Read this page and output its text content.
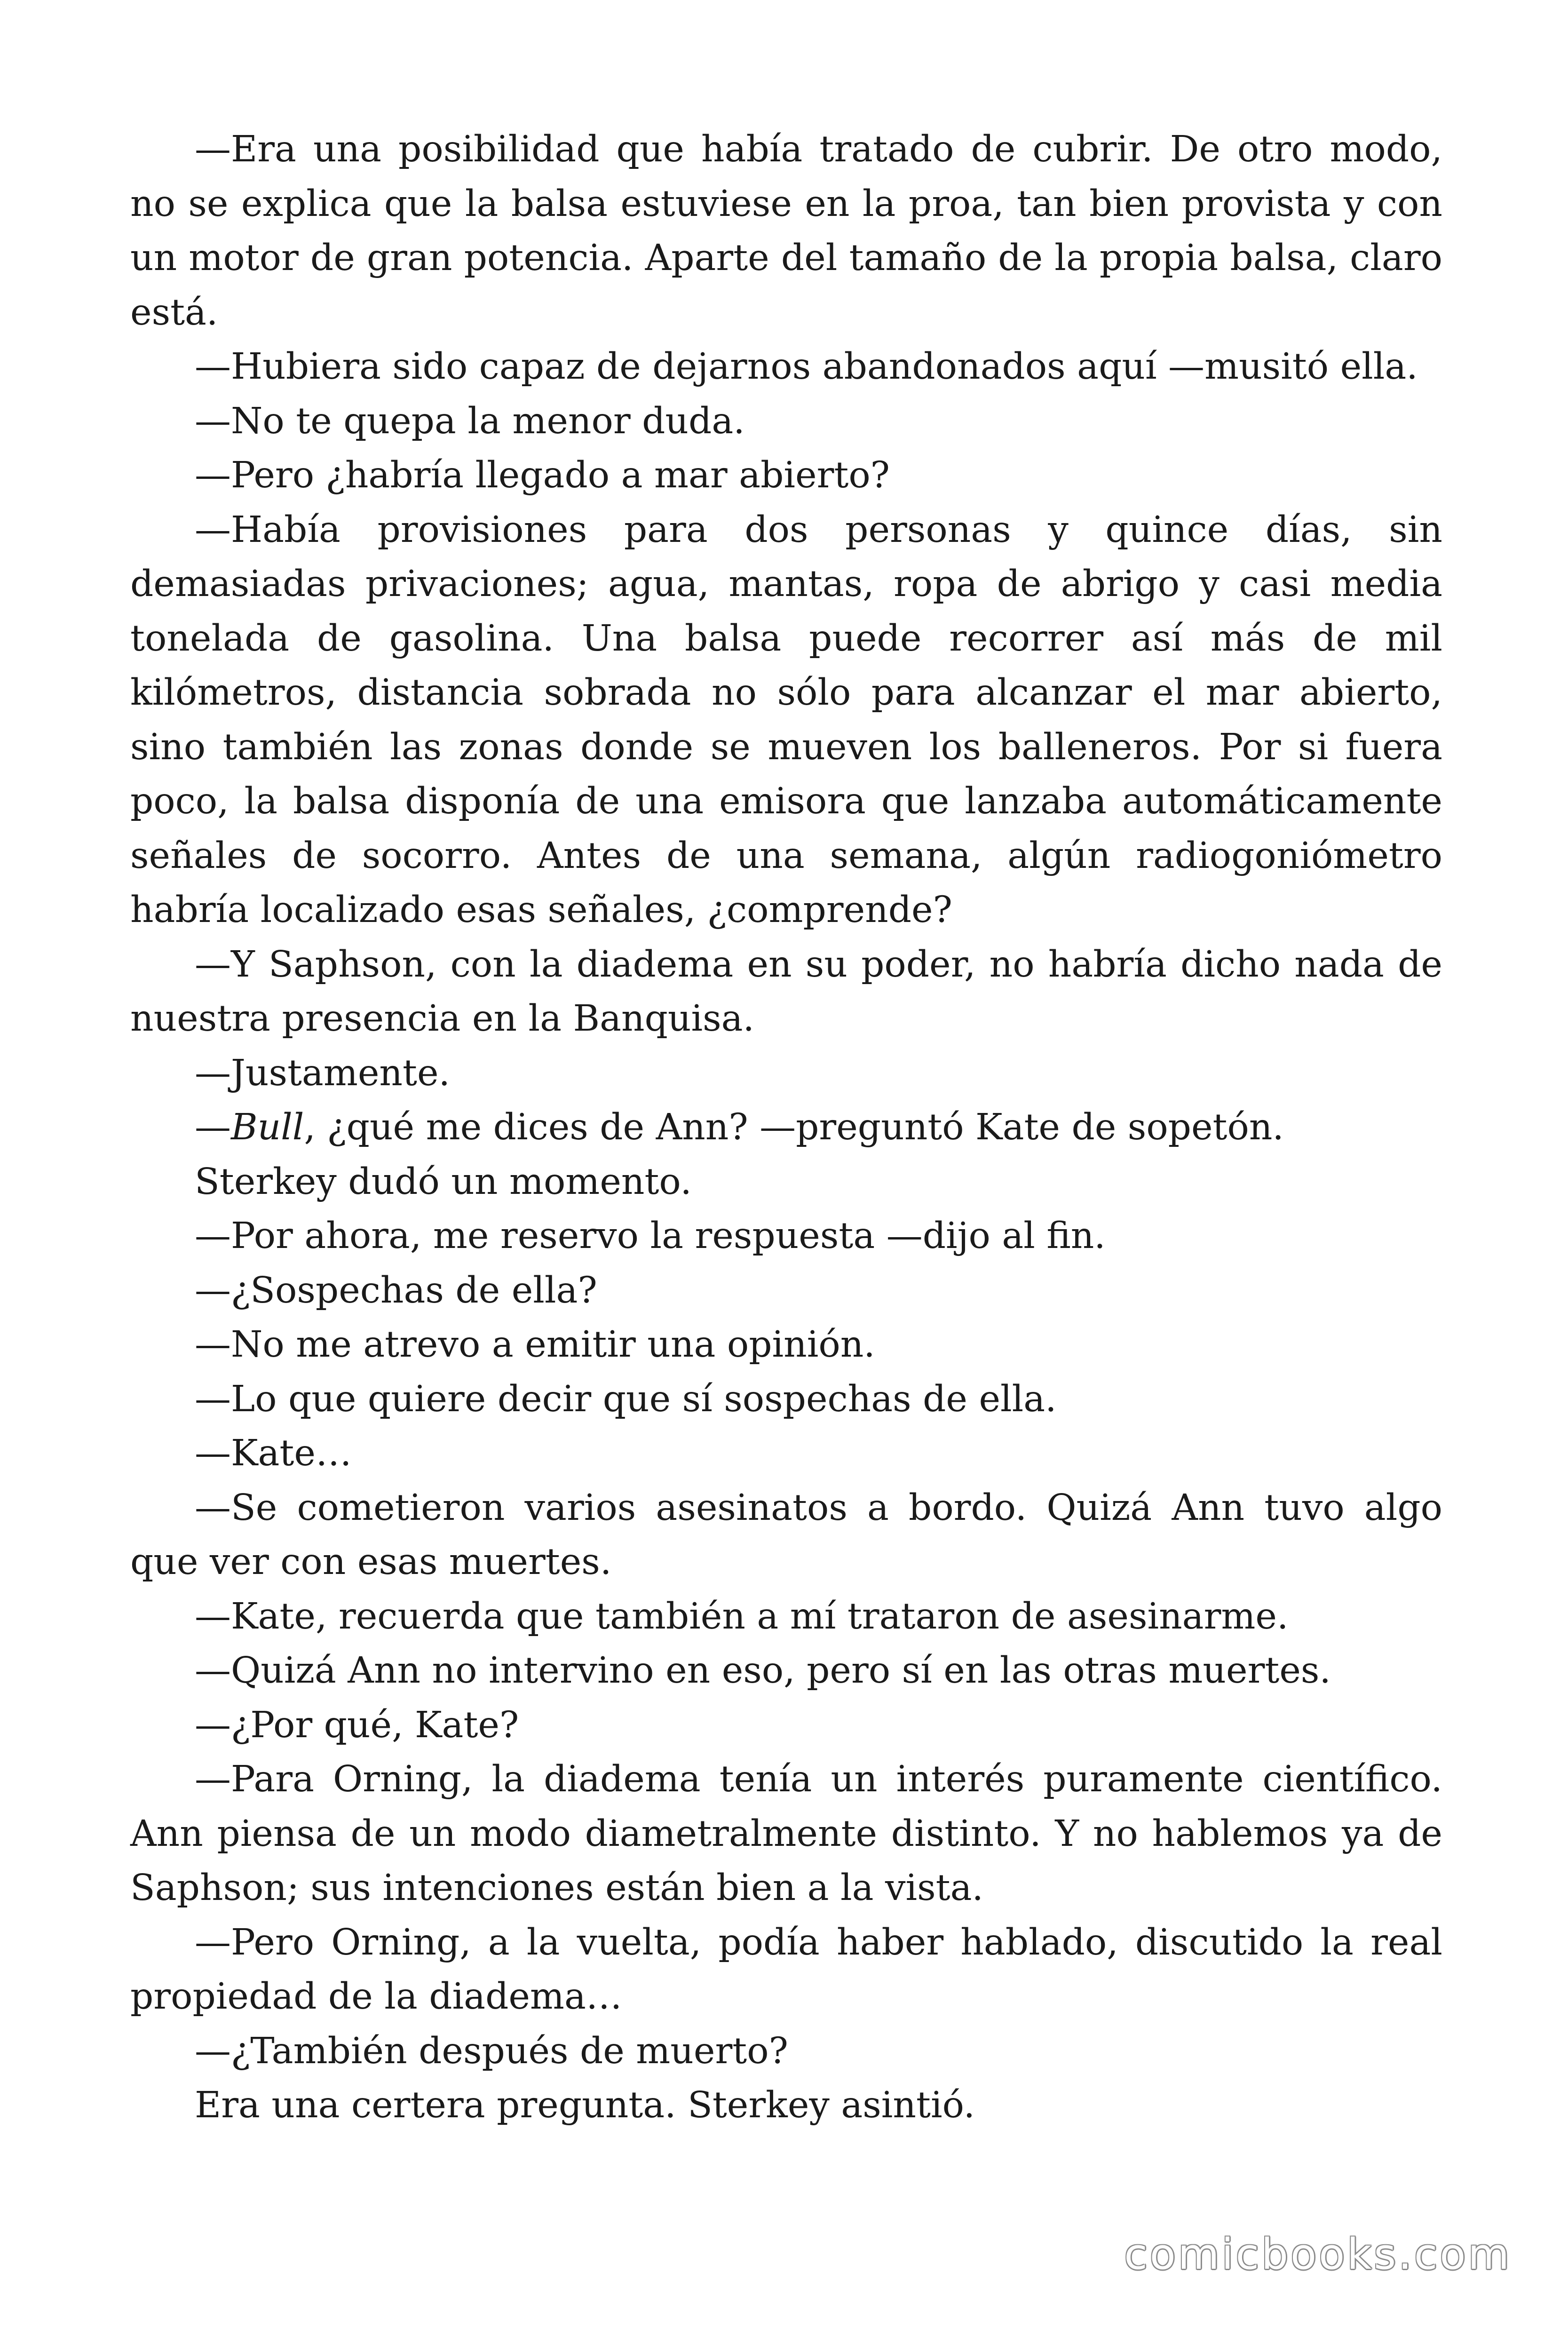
—Era una posibilidad que había tratado de cubrir. De otro modo, no se explica que la balsa estuviese en la proa, tan bien provista y con un motor de gran potencia. Aparte del tamaño de la propia balsa, claro está.

—Hubiera sido capaz de dejarnos abandonados aquí —musitó ella.

—No te quepa la menor duda.

—Pero ¿habría llegado a mar abierto?

—Había provisiones para dos personas y quince días, sin demasiadas privaciones; agua, mantas, ropa de abrigo y casi media tonelada de gasolina. Una balsa puede recorrer así más de mil kilómetros, distancia sobrada no sólo para alcanzar el mar abierto, sino también las zonas donde se mueven los balleneros. Por si fuera poco, la balsa disponía de una emisora que lanzaba automáticamente señales de socorro. Antes de una semana, algún radiogoniómetro habría localizado esas señales, ¿comprende?

—Y Saphson, con la diadema en su poder, no habría dicho nada de nuestra presencia en la Banquisa.

—Justamente.

—Bull, ¿qué me dices de Ann? —preguntó Kate de sopetón.

Sterkey dudó un momento.

—Por ahora, me reservo la respuesta —dijo al fin.

—¿Sospechas de ella?

—No me atrevo a emitir una opinión.

—Lo que quiere decir que sí sospechas de ella.

—Kate…

—Se cometieron varios asesinatos a bordo. Quizá Ann tuvo algo que ver con esas muertes.

—Kate, recuerda que también a mí trataron de asesinarme.

—Quizá Ann no intervino en eso, pero sí en las otras muertes.

—¿Por qué, Kate?

—Para Orning, la diadema tenía un interés puramente científico. Ann piensa de un modo diametralmente distinto. Y no hablemos ya de Saphson; sus intenciones están bien a la vista.

—Pero Orning, a la vuelta, podía haber hablado, discutido la real propiedad de la diadema…

—¿También después de muerto?

Era una certera pregunta. Sterkey asintió.

comicbooks.com
